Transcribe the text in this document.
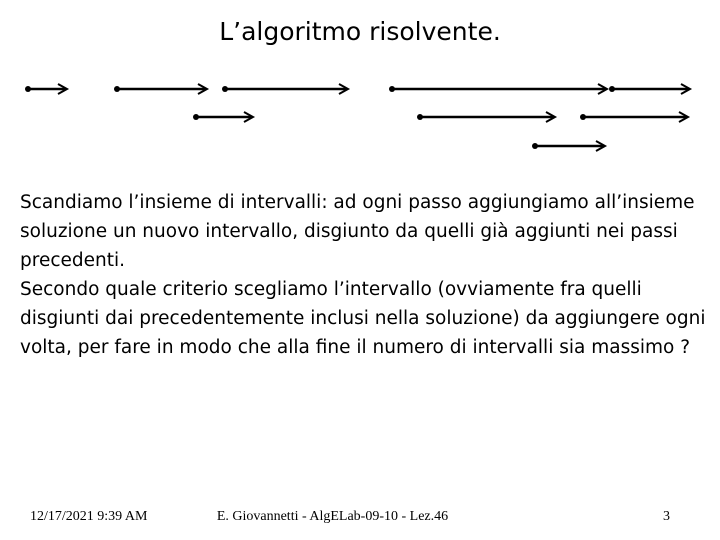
L’algoritmo risolvente.

Scandiamo l’insieme di intervalli: ad ogni passo aggiungiamo all’insieme soluzione un nuovo intervallo, disgiunto da quelli già aggiunti nei passi precedenti.

Secondo quale criterio scegliamo l’intervallo (ovviamente fra quelli disgiunti dai precedentemente inclusi nella soluzione) da aggiungere ogni volta, per fare in modo che alla fine il numero di intervalli sia massimo ?

12/17/2021 9:39 AM	E. Giovannetti - AlgELab-09-10 - Lez.46	3
